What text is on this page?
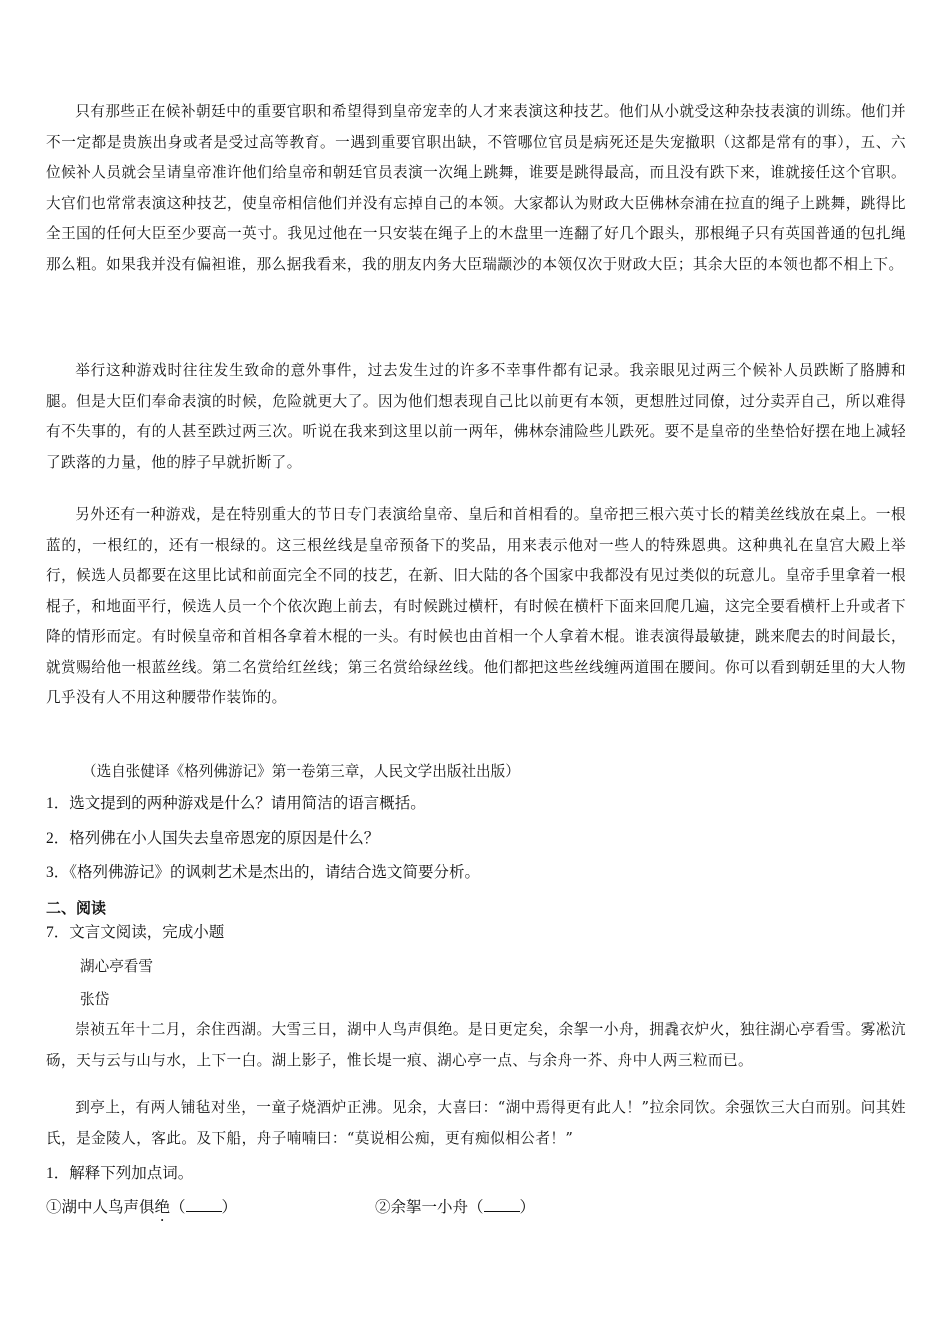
只有那些正在候补朝廷中的重要官职和希望得到皇帝宠幸的人才来表演这种技艺。他们从小就受这种杂技表演的训练。他们并不一定都是贵族出身或者是受过高等教育。一遇到重要官职出缺，不管哪位官员是病死还是失宠撤职（这都是常有的事），五、六位候补人员就会呈请皇帝准许他们给皇帝和朝廷官员表演一次绳上跳舞，谁要是跳得最高，而且没有跌下来，谁就接任这个官职。大官们也常常表演这种技艺，使皇帝相信他们并没有忘掉自己的本领。大家都认为财政大臣佛林奈浦在拉直的绳子上跳舞，跳得比全王国的任何大臣至少要高一英寸。我见过他在一只安装在绳子上的木盘里一连翻了好几个跟头，那根绳子只有英国普通的包扎绳那么粗。如果我并没有偏袒谁，那么据我看来，我的朋友内务大臣瑞颛沙的本领仅次于财政大臣；其余大臣的本领也都不相上下。

举行这种游戏时往往发生致命的意外事件，过去发生过的许多不幸事件都有记录。我亲眼见过两三个候补人员跌断了胳膊和腿。但是大臣们奉命表演的时候，危险就更大了。因为他们想表现自己比以前更有本领，更想胜过同僚，过分卖弄自己，所以难得有不失事的，有的人甚至跌过两三次。听说在我来到这里以前一两年，佛林奈浦险些儿跌死。要不是皇帝的坐垫恰好摆在地上减轻了跌落的力量，他的脖子早就折断了。

另外还有一种游戏，是在特别重大的节日专门表演给皇帝、皇后和首相看的。皇帝把三根六英寸长的精美丝线放在桌上。一根蓝的，一根红的，还有一根绿的。这三根丝线是皇帝预备下的奖品，用来表示他对一些人的特殊恩典。这种典礼在皇宫大殿上举行，候选人员都要在这里比试和前面完全不同的技艺，在新、旧大陆的各个国家中我都没有见过类似的玩意儿。皇帝手里拿着一根棍子，和地面平行，候选人员一个个依次跑上前去，有时候跳过横杆，有时候在横杆下面来回爬几遍，这完全要看横杆上升或者下降的情形而定。有时候皇帝和首相各拿着木棍的一头。有时候也由首相一个人拿着木棍。谁表演得最敏捷，跳来爬去的时间最长，就赏赐给他一根蓝丝线。第二名赏给红丝线；第三名赏给绿丝线。他们都把这些丝线缠两道围在腰间。你可以看到朝廷里的大人物几乎没有人不用这种腰带作装饰的。

（选自张健译《格列佛游记》第一卷第三章，人民文学出版社出版）

1．选文提到的两种游戏是什么？请用简洁的语言概括。

2．格列佛在小人国失去皇帝恩宠的原因是什么？

3．《格列佛游记》的讽刺艺术是杰出的，请结合选文简要分析。

二、阅读

7．文言文阅读，完成小题

湖心亭看雪

张岱

崇祯五年十二月，余住西湖。大雪三日，湖中人鸟声俱绝。是日更定矣，余挐一小舟，拥毳衣炉火，独往湖心亭看雪。雾凇沆砀，天与云与山与水，上下一白。湖上影子，惟长堤一痕、湖心亭一点、与余舟一芥、舟中人两三粒而已。

到亭上，有两人铺毡对坐，一童子烧酒炉正沸。见余，大喜曰：“湖中焉得更有此人！”拉余同饮。余强饮三大白而别。问其姓氏，是金陵人，客此。及下船，舟子喃喃曰：“莫说相公痴，更有痴似相公者！”

1．解释下列加点词。

①湖中人鸟声俱绝（ ）	②余挐一小舟（ ）
